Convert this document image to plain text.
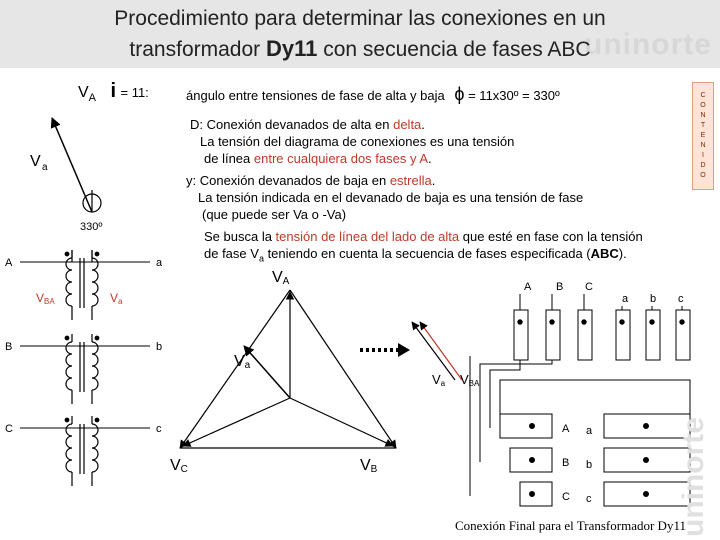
uninorte
Procedimiento para determinar las conexiones en un
transformador Dy11 con secuencia de fases ABC
C
O
N
T
E
N
I
D
O
$V_A$ i = 11:	ángulo entre tensiones de fase de alta y baja ϕ = 11x30º = 330º
D: Conexión devanados de alta en delta.
La tensión del diagrama de conexiones es una tensión
de línea entre cualquiera dos fases y A.
y: Conexión devanados de baja en estrella.
La tensión indicada en el devanado de baja es una tensión de fase
(que puede ser Va o -Va)
Se busca la tensión de línea del lado de alta que esté en fase con la tensión
de fase $V_a$ teniendo en cuenta la secuencia de fases especificada (ABC).
V a
330º
A
B
C
a
b
c
VBA	Va
VA
VC	VB
Va
Va VBA
A B C
a b c
A a
B b
C c	uninorte
Conexión Final para el Transformador Dy11
